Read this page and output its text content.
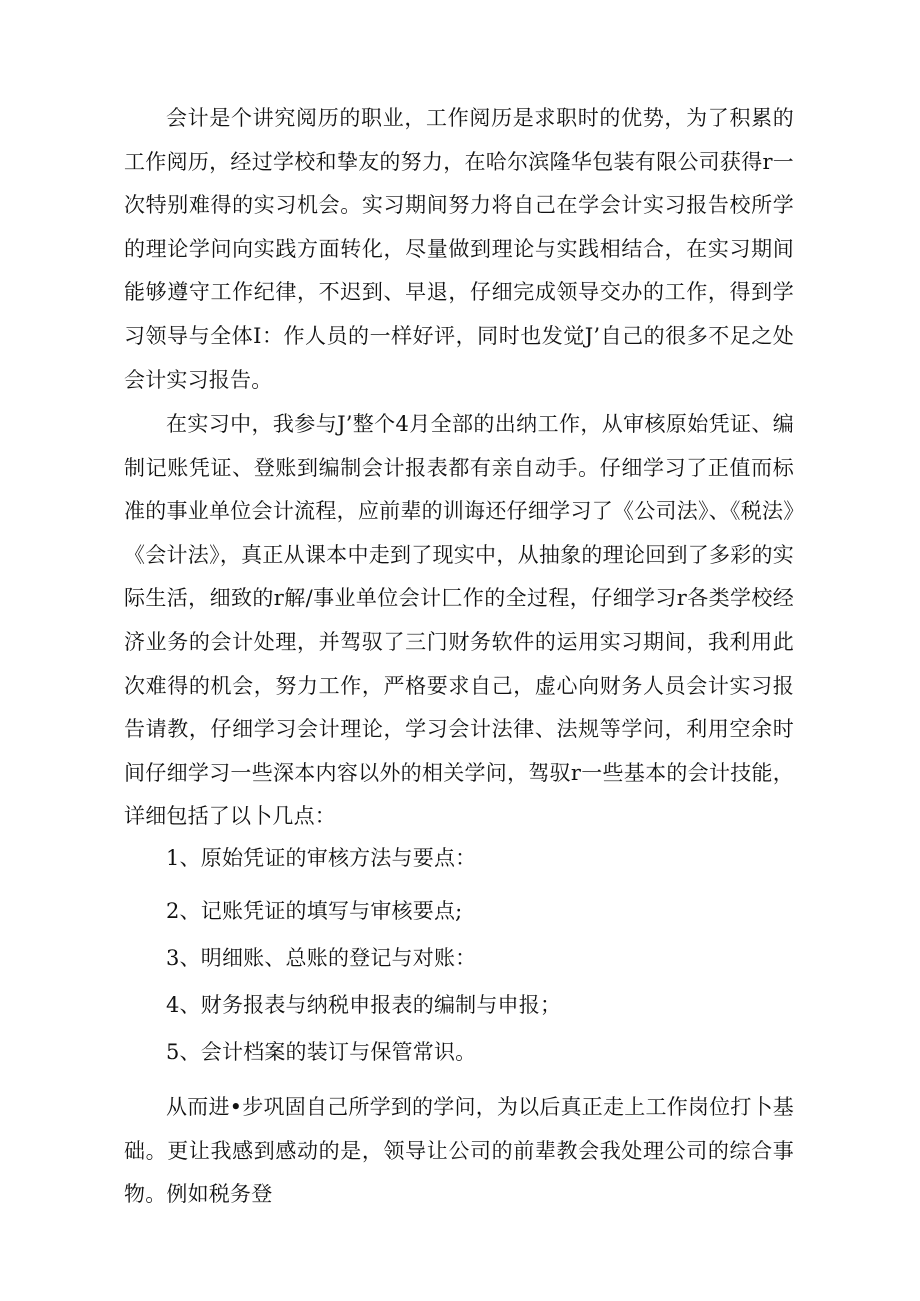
会计是个讲究阅历的职业，工作阅历是求职时的优势，为了积累的工作阅历，经过学校和挚友的努力，在哈尔滨隆华包装有限公司获得r一次特别难得的实习机会。实习期间努力将自己在学会计实习报告校所学的理论学问向实践方面转化，尽量做到理论与实践相结合，在实习期间能够遵守工作纪律，不迟到、早退，仔细完成领导交办的工作，得到学习领导与全体I：作人员的一样好评，同时也发觉J’自己的很多不足之处会计实习报告。

在实习中，我参与J’整个4月全部的出纳工作，从审核原始凭证、编制记账凭证、登账到编制会计报表都有亲自动手。仔细学习了正值而标准的事业单位会计流程，应前辈的训诲还仔细学习了《公司法》、《税法》《会计法》，真正从课本中走到了现实中，从抽象的理论回到了多彩的实际生活，细致的r解/事业单位会计匚作的全过程，仔细学习r各类学校经济业务的会计处理，并驾驭了三门财务软件的运用实习期间，我利用此次难得的机会，努力工作，严格要求自己，虚心向财务人员会计实习报告请教，仔细学习会计理论，学习会计法律、法规等学问，利用空余时间仔细学习一些深本内容以外的相关学问，驾驭r一些基本的会计技能，详细包括了以卜几点：

1、原始凭证的审核方法与要点：

2、记账凭证的填写与审核要点;

3、明细账、总账的登记与对账：

4、财务报表与纳税申报表的编制与申报；

5、会计档案的装订与保管常识。

从而进•步巩固自己所学到的学问，为以后真正走上工作岗位打卜基础。更让我感到感动的是，领导让公司的前辈教会我处理公司的综合事物。例如税务登
